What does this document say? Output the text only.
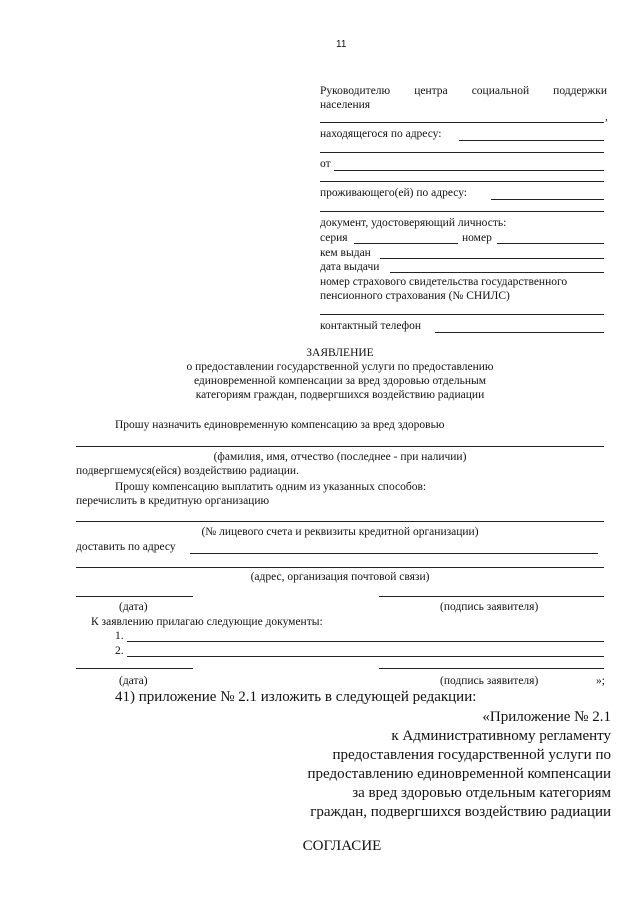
11
Руководителю центра социальной поддержки
населения
,
находящегося по адресу:
от
проживающего(ей) по адресу:
документ, удостоверяющий личность:
серия	номер
кем выдан
дата выдачи
номер страхового свидетельства государственного
пенсионного страхования (№ СНИЛС)
контактный телефон
ЗАЯВЛЕНИЕ
о предоставлении государственной услуги по предоставлению
единовременной компенсации за вред здоровью отдельным
категориям граждан, подвергшихся воздействию радиации
Прошу назначить единовременную компенсацию за вред здоровью
(фамилия, имя, отчество (последнее - при наличии)
подвергшемуся(ейся) воздействию радиации.
Прошу компенсацию выплатить одним из указанных способов:
перечислить в кредитную организацию
(№ лицевого счета и реквизиты кредитной организации)
доставить по адресу
(адрес, организация почтовой связи)
(дата)	(подпись заявителя)
К заявлению прилагаю следующие документы:
1.
2.
(дата)	(подпись заявителя)	»;
41) приложение № 2.1 изложить в следующей редакции:
«Приложение № 2.1
к Административному регламенту
предоставления государственной услуги по
предоставлению единовременной компенсации
за вред здоровью отдельным категориям
граждан, подвергшихся воздействию радиации
СОГЛАСИЕ
